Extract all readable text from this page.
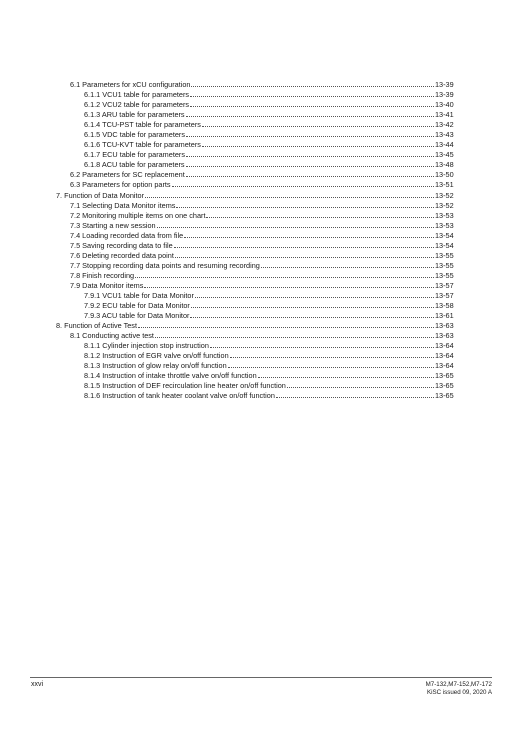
6.1 Parameters for xCU configuration	13-39
6.1.1 VCU1 table for parameters	13-39
6.1.2 VCU2 table for parameters	13-40
6.1.3 ARU table for parameters	13-41
6.1.4 TCU-PST table for parameters	13-42
6.1.5 VDC table for parameters	13-43
6.1.6 TCU-KVT table for parameters	13-44
6.1.7 ECU table for parameters	13-45
6.1.8 ACU table for parameters	13-48
6.2 Parameters for SC replacement	13-50
6.3 Parameters for option parts	13-51
7. Function of Data Monitor	13-52
7.1 Selecting Data Monitor items	13-52
7.2 Monitoring multiple items on one chart	13-53
7.3 Starting a new session	13-53
7.4 Loading recorded data from file	13-54
7.5 Saving recording data to file	13-54
7.6 Deleting recorded data point	13-55
7.7 Stopping recording data points and resuming recording	13-55
7.8 Finish recording	13-55
7.9 Data Monitor items	13-57
7.9.1 VCU1 table for Data Monitor	13-57
7.9.2 ECU table for Data Monitor	13-58
7.9.3 ACU table for Data Monitor	13-61
8. Function of Active Test	13-63
8.1 Conducting active test	13-63
8.1.1 Cylinder injection stop instruction	13-64
8.1.2 Instruction of EGR valve on/off function	13-64
8.1.3 Instruction of glow relay on/off function	13-64
8.1.4 Instruction of intake throttle valve on/off function	13-65
8.1.5 Instruction of DEF recirculation line heater on/off function	13-65
8.1.6 Instruction of tank heater coolant valve on/off function	13-65
xxvi	M7-132,M7-152,M7-172
KiSC issued 09, 2020 A
